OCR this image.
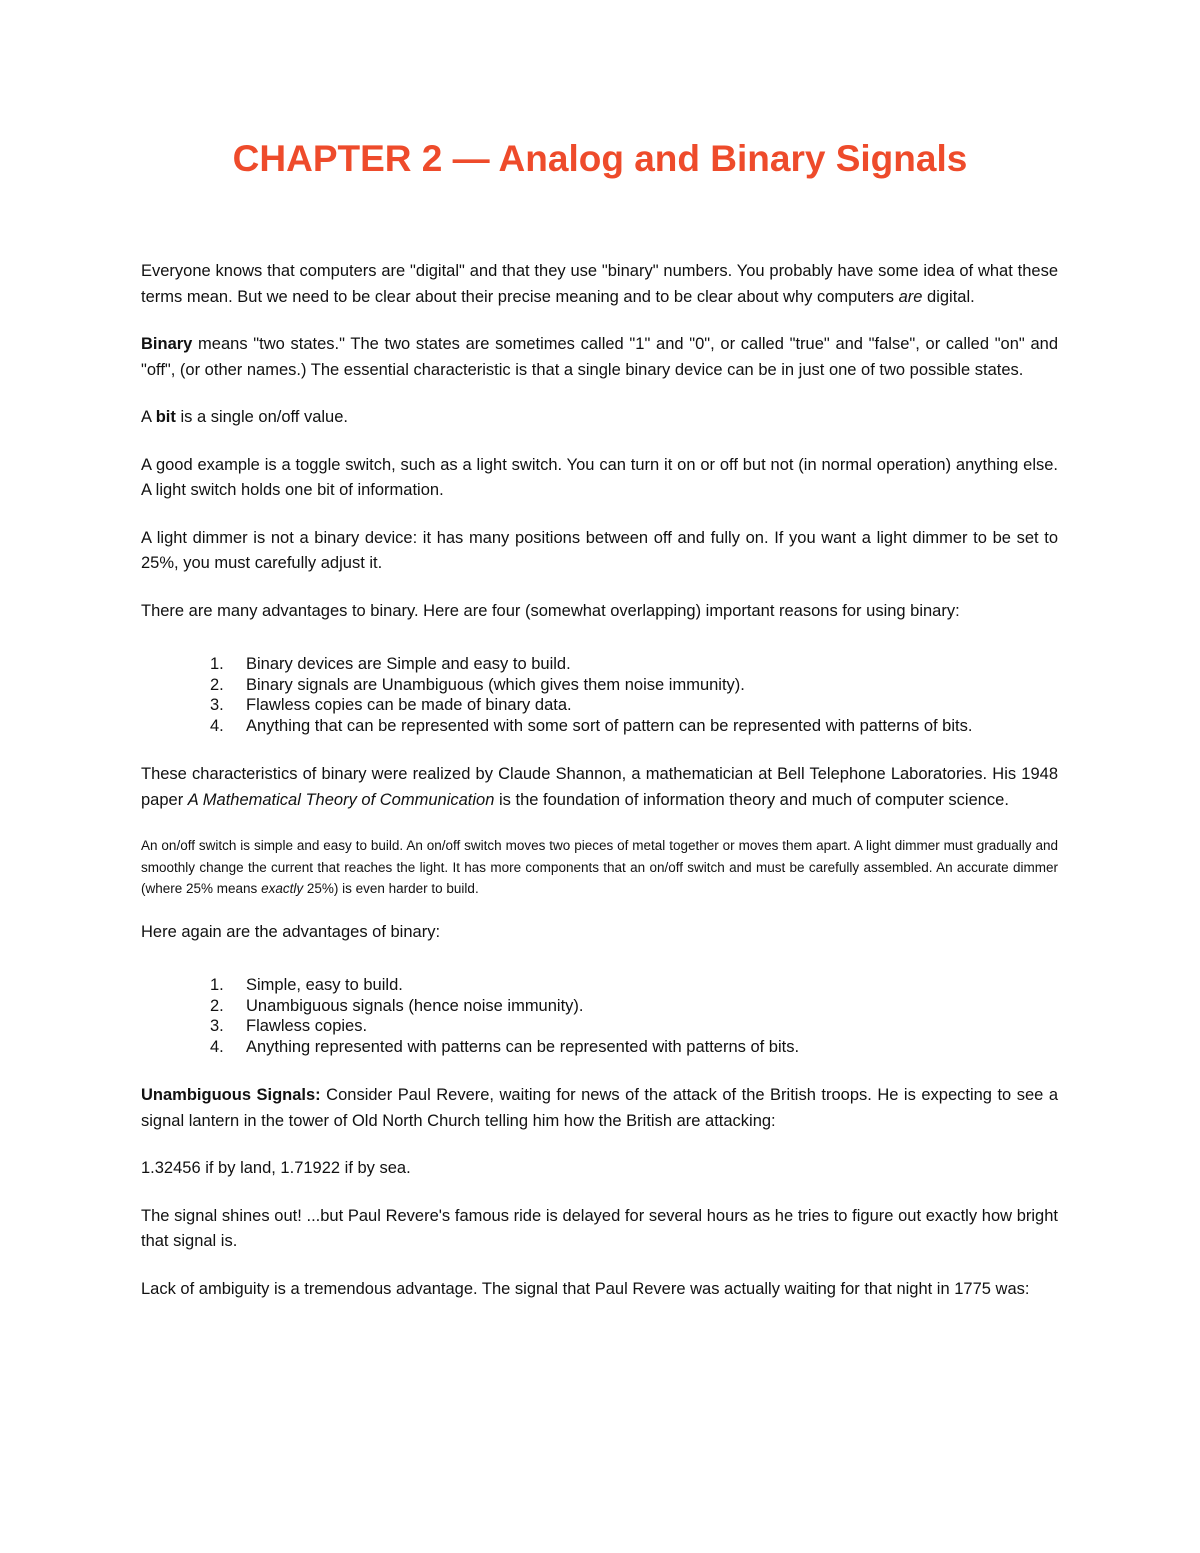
CHAPTER 2 — Analog and Binary Signals

Everyone knows that computers are "digital" and that they use "binary" numbers. You probably have some idea of what these terms mean. But we need to be clear about their precise meaning and to be clear about why computers are digital.

Binary means "two states." The two states are sometimes called "1" and "0", or called "true" and "false", or called "on" and "off", (or other names.) The essential characteristic is that a single binary device can be in just one of two possible states.

A bit is a single on/off value.

A good example is a toggle switch, such as a light switch. You can turn it on or off but not (in normal operation) anything else. A light switch holds one bit of information.

A light dimmer is not a binary device: it has many positions between off and fully on. If you want a light dimmer to be set to 25%, you must carefully adjust it.

There are many advantages to binary. Here are four (somewhat overlapping) important reasons for using binary:

1. Binary devices are Simple and easy to build.
2. Binary signals are Unambiguous (which gives them noise immunity).
3. Flawless copies can be made of binary data.
4. Anything that can be represented with some sort of pattern can be represented with patterns of bits.

These characteristics of binary were realized by Claude Shannon, a mathematician at Bell Telephone Laboratories. His 1948 paper A Mathematical Theory of Communication is the foundation of information theory and much of computer science.

An on/off switch is simple and easy to build. An on/off switch moves two pieces of metal together or moves them apart. A light dimmer must gradually and smoothly change the current that reaches the light. It has more components that an on/off switch and must be carefully assembled. An accurate dimmer (where 25% means exactly 25%) is even harder to build.

Here again are the advantages of binary:

1. Simple, easy to build.
2. Unambiguous signals (hence noise immunity).
3. Flawless copies.
4. Anything represented with patterns can be represented with patterns of bits.

Unambiguous Signals: Consider Paul Revere, waiting for news of the attack of the British troops. He is expecting to see a signal lantern in the tower of Old North Church telling him how the British are attacking:

1.32456 if by land, 1.71922 if by sea.

The signal shines out! ...but Paul Revere's famous ride is delayed for several hours as he tries to figure out exactly how bright that signal is.

Lack of ambiguity is a tremendous advantage. The signal that Paul Revere was actually waiting for that night in 1775 was:
